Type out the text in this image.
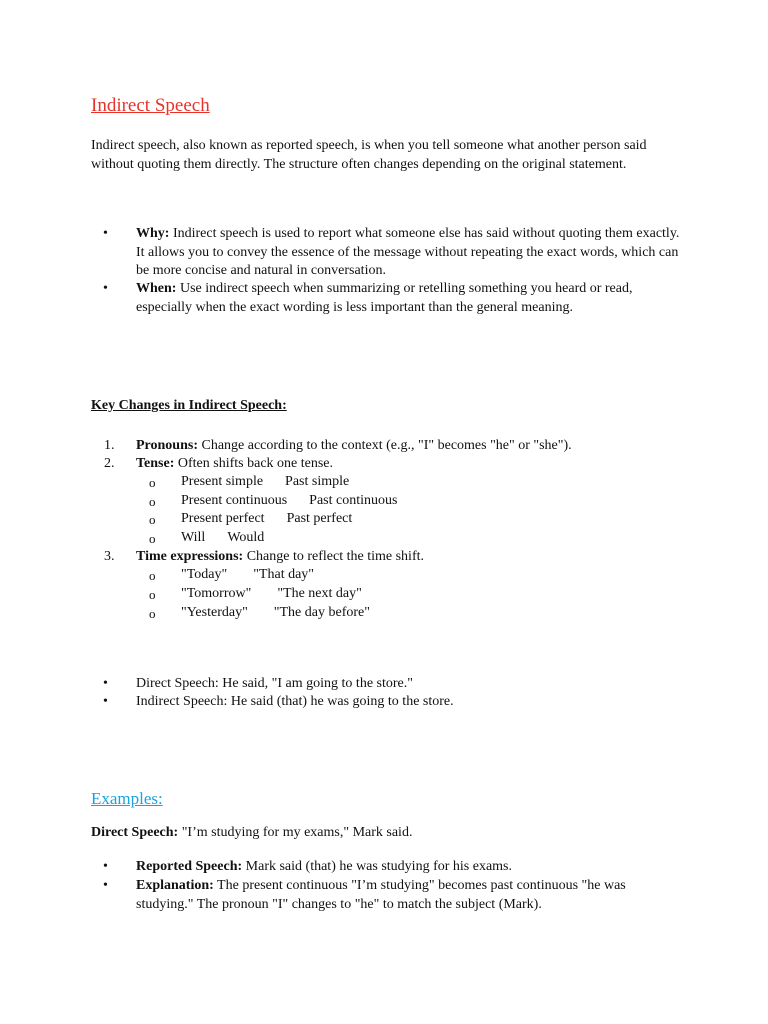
Indirect Speech

Indirect speech, also known as reported speech, is when you tell someone what another person said without quoting them directly. The structure often changes depending on the original statement.

• Why: Indirect speech is used to report what someone else has said without quoting them exactly. It allows you to convey the essence of the message without repeating the exact words, which can be more concise and natural in conversation.
• When: Use indirect speech when summarizing or retelling something you heard or read, especially when the exact wording is less important than the general meaning.
Key Changes in Indirect Speech:
1. Pronouns: Change according to the context (e.g., "I" becomes "he" or "she").
2. Tense: Often shifts back one tense.
o Present simple Past simple
o Present continuous Past continuous
o Present perfect Past perfect
o Will Would
3. Time expressions: Change to reflect the time shift.
o "Today" "That day"
o "Tomorrow" "The next day"
o "Yesterday" "The day before"
• Direct Speech: He said, "I am going to the store."
• Indirect Speech: He said (that) he was going to the store.
Examples:
Direct Speech: "I’m studying for my exams," Mark said.
• Reported Speech: Mark said (that) he was studying for his exams.
• Explanation: The present continuous "I’m studying" becomes past continuous "he was studying." The pronoun "I" changes to "he" to match the subject (Mark).
